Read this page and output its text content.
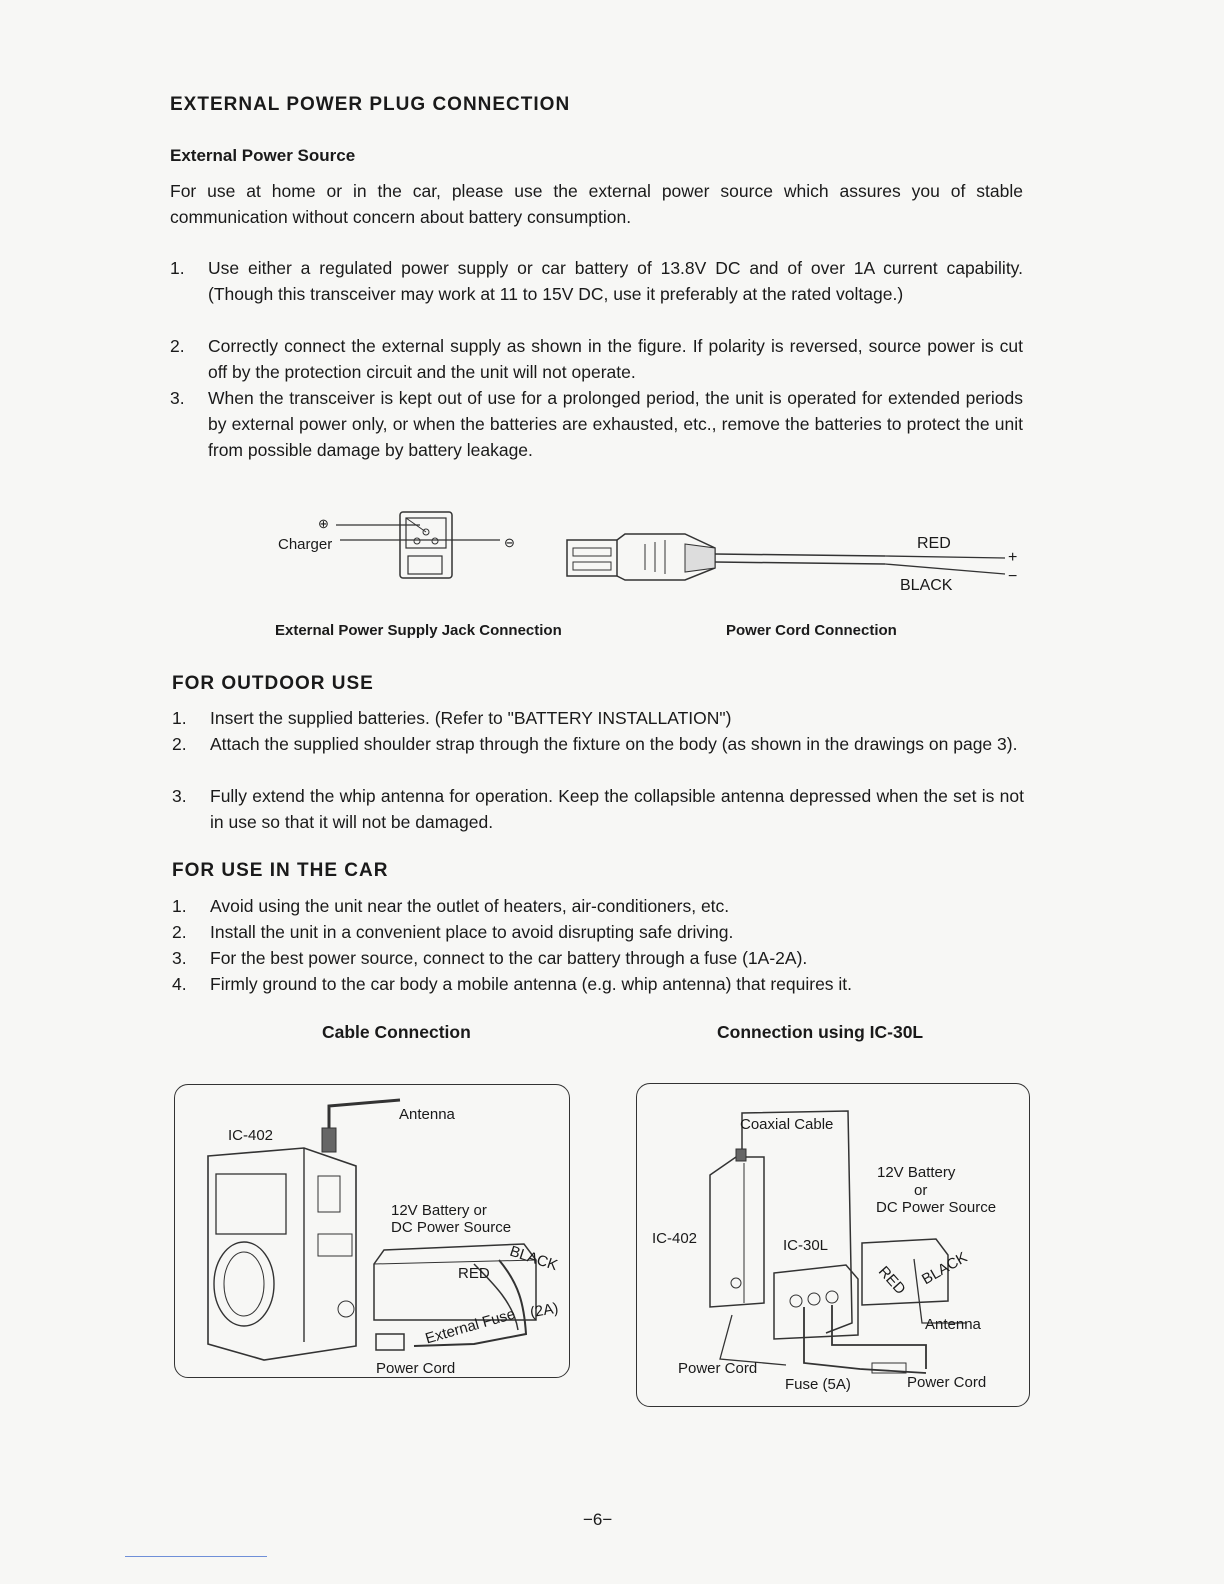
EXTERNAL POWER PLUG CONNECTION
External Power Source
For use at home or in the car, please use the external power source which assures you of stable communication without concern about battery consumption.
1. Use either a regulated power supply or car battery of 13.8V DC and of over 1A current capability. (Though this transceiver may work at 11 to 15V DC, use it preferably at the rated voltage.)
2. Correctly connect the external supply as shown in the figure. If polarity is reversed, source power is cut off by the protection circuit and the unit will not operate.
3. When the transceiver is kept out of use for a prolonged period, the unit is operated for extended periods by external power only, or when the batteries are exhausted, etc., remove the batteries to protect the unit from possible damage by battery leakage.
⊕
⊖
Charger
External Power Supply Jack Connection
RED
BLACK
+
−
Power Cord Connection
FOR OUTDOOR USE
1. Insert the supplied batteries. (Refer to "BATTERY INSTALLATION")
2. Attach the supplied shoulder strap through the fixture on the body (as shown in the drawings on page 3).
3. Fully extend the whip antenna for operation. Keep the collapsible antenna depressed when the set is not in use so that it will not be damaged.
FOR USE IN THE CAR
1. Avoid using the unit near the outlet of heaters, air-conditioners, etc.
2. Install the unit in a convenient place to avoid disrupting safe driving.
3. For the best power source, connect to the car battery through a fuse (1A-2A).
4. Firmly ground to the car body a mobile antenna (e.g. whip antenna) that requires it.
Cable Connection	Connection using IC-30L
IC-402
Antenna
12V Battery or
DC Power Source
BLACK
RED
External Fuse (2A)
Power Cord
Coaxial Cable
12V Battery
or
DC Power Source
IC-402	IC-30L
RED BLACK
Antenna
Power Cord
Fuse (5A)	Power Cord
−6−
